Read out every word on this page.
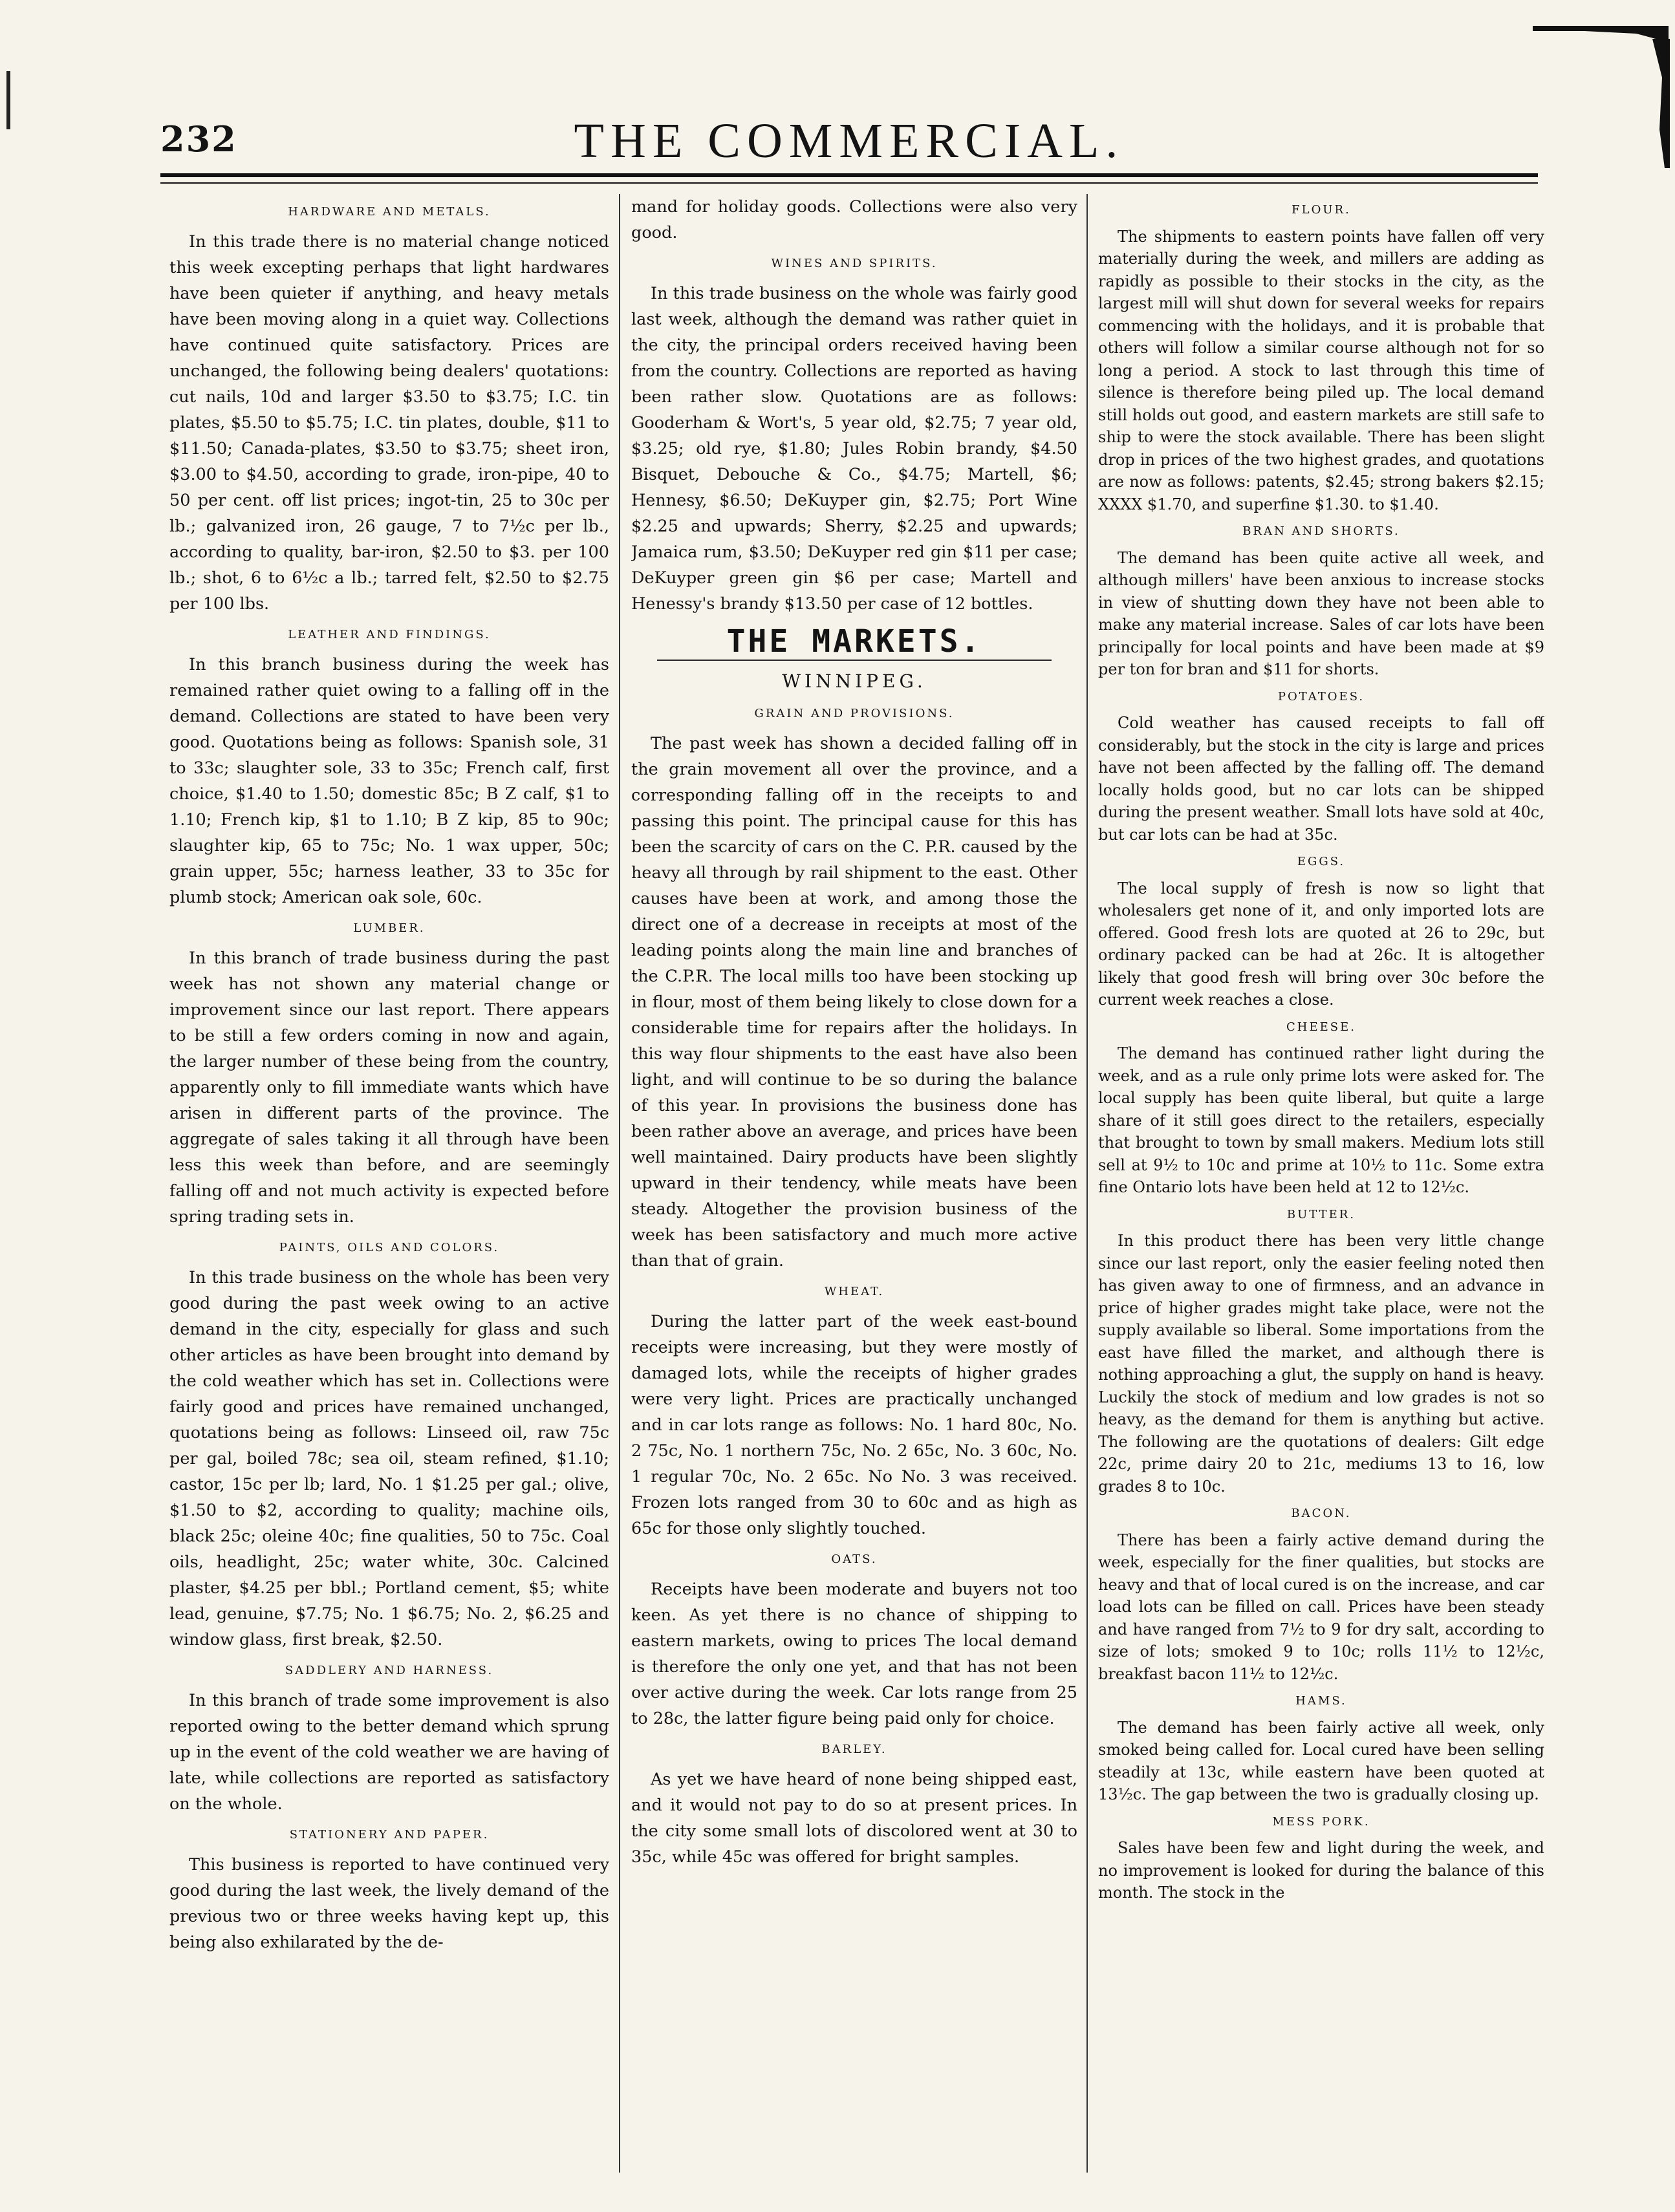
232	THE COMMERCIAL.
HARDWARE AND METALS.

In this trade there is no material change noticed this week excepting perhaps that light hardwares have been quieter if anything, and heavy metals have been moving along in a quiet way. Collections have continued quite satisfactory. Prices are unchanged, the following being dealers' quotations: cut nails, 10d and larger $3.50 to $3.75; I.C. tin plates, $5.50 to $5.75; I.C. tin plates, double, $11 to $11.50; Canada-plates, $3.50 to $3.75; sheet iron, $3.00 to $4.50, according to grade, iron-pipe, 40 to 50 per cent. off list prices; ingot-tin, 25 to 30c per lb.; galvanized iron, 26 gauge, 7 to 7½c per lb., according to quality, bar-iron, $2.50 to $3. per 100 lb.; shot, 6 to 6½c a lb.; tarred felt, $2.50 to $2.75 per 100 lbs.

LEATHER AND FINDINGS.

In this branch business during the week has remained rather quiet owing to a falling off in the demand. Collections are stated to have been very good. Quotations being as follows: Spanish sole, 31 to 33c; slaughter sole, 33 to 35c; French calf, first choice, $1.40 to 1.50; domestic 85c; B Z calf, $1 to 1.10; French kip, $1 to 1.10; B Z kip, 85 to 90c; slaughter kip, 65 to 75c; No. 1 wax upper, 50c; grain upper, 55c; harness leather, 33 to 35c for plumb stock; American oak sole, 60c.

LUMBER.

In this branch of trade business during the past week has not shown any material change or improvement since our last report. There appears to be still a few orders coming in now and again, the larger number of these being from the country, apparently only to fill immediate wants which have arisen in different parts of the province. The aggregate of sales taking it all through have been less this week than before, and are seemingly falling off and not much activity is expected before spring trading sets in.

PAINTS, OILS AND COLORS.

In this trade business on the whole has been very good during the past week owing to an active demand in the city, especially for glass and such other articles as have been brought into demand by the cold weather which has set in. Collections were fairly good and prices have remained unchanged, quotations being as follows: Linseed oil, raw 75c per gal, boiled 78c; sea oil, steam refined, $1.10; castor, 15c per lb; lard, No. 1 $1.25 per gal.; olive, $1.50 to $2, according to quality; machine oils, black 25c; oleine 40c; fine qualities, 50 to 75c. Coal oils, headlight, 25c; water white, 30c. Calcined plaster, $4.25 per bbl.; Portland cement, $5; white lead, genuine, $7.75; No. 1 $6.75; No. 2, $6.25 and window glass, first break, $2.50.

SADDLERY AND HARNESS.

In this branch of trade some improvement is also reported owing to the better demand which sprung up in the event of the cold weather we are having of late, while collections are reported as satisfactory on the whole.

STATIONERY AND PAPER.

This business is reported to have continued very good during the last week, the lively demand of the previous two or three weeks having kept up, this being also exhilarated by the de-

mand for holiday goods. Collections were also very good.

WINES AND SPIRITS.

In this trade business on the whole was fairly good last week, although the demand was rather quiet in the city, the principal orders received having been from the country. Collections are reported as having been rather slow. Quotations are as follows: Gooderham & Wort's, 5 year old, $2.75; 7 year old, $3.25; old rye, $1.80; Jules Robin brandy, $4.50 Bisquet, Debouche & Co., $4.75; Martell, $6; Hennesy, $6.50; DeKuyper gin, $2.75; Port Wine $2.25 and upwards; Sherry, $2.25 and upwards; Jamaica rum, $3.50; DeKuyper red gin $11 per case; DeKuyper green gin $6 per case; Martell and Henessy's brandy $13.50 per case of 12 bottles.

THE MARKETS.
WINNIPEG.
GRAIN AND PROVISIONS.

The past week has shown a decided falling off in the grain movement all over the province, and a corresponding falling off in the receipts to and passing this point. The principal cause for this has been the scarcity of cars on the C. P.R. caused by the heavy all through by rail shipment to the east. Other causes have been at work, and among those the direct one of a decrease in receipts at most of the leading points along the main line and branches of the C.P.R. The local mills too have been stocking up in flour, most of them being likely to close down for a considerable time for repairs after the holidays. In this way flour shipments to the east have also been light, and will continue to be so during the balance of this year. In provisions the business done has been rather above an average, and prices have been well maintained. Dairy products have been slightly upward in their tendency, while meats have been steady. Altogether the provision business of the week has been satisfactory and much more active than that of grain.

WHEAT.

During the latter part of the week east-bound receipts were increasing, but they were mostly of damaged lots, while the receipts of higher grades were very light. Prices are practically unchanged and in car lots range as follows: No. 1 hard 80c, No. 2 75c, No. 1 northern 75c, No. 2 65c, No. 3 60c, No. 1 regular 70c, No. 2 65c. No No. 3 was received. Frozen lots ranged from 30 to 60c and as high as 65c for those only slightly touched.

OATS.

Receipts have been moderate and buyers not too keen. As yet there is no chance of shipping to eastern markets, owing to prices The local demand is therefore the only one yet, and that has not been over active during the week. Car lots range from 25 to 28c, the latter figure being paid only for choice.

BARLEY.

As yet we have heard of none being shipped east, and it would not pay to do so at present prices. In the city some small lots of discolored went at 30 to 35c, while 45c was offered for bright samples.

FLOUR.

The shipments to eastern points have fallen off very materially during the week, and millers are adding as rapidly as possible to their stocks in the city, as the largest mill will shut down for several weeks for repairs commencing with the holidays, and it is probable that others will follow a similar course although not for so long a period. A stock to last through this time of silence is therefore being piled up. The local demand still holds out good, and eastern markets are still safe to ship to were the stock available. There has been slight drop in prices of the two highest grades, and quotations are now as follows: patents, $2.45; strong bakers $2.15; XXXX $1.70, and superfine $1.30. to $1.40.

BRAN AND SHORTS.

The demand has been quite active all week, and although millers' have been anxious to increase stocks in view of shutting down they have not been able to make any material increase. Sales of car lots have been principally for local points and have been made at $9 per ton for bran and $11 for shorts.

POTATOES.

Cold weather has caused receipts to fall off considerably, but the stock in the city is large and prices have not been affected by the falling off. The demand locally holds good, but no car lots can be shipped during the present weather. Small lots have sold at 40c, but car lots can be had at 35c.

EGGS.

The local supply of fresh is now so light that wholesalers get none of it, and only imported lots are offered. Good fresh lots are quoted at 26 to 29c, but ordinary packed can be had at 26c. It is altogether likely that good fresh will bring over 30c before the current week reaches a close.

CHEESE.

The demand has continued rather light during the week, and as a rule only prime lots were asked for. The local supply has been quite liberal, but quite a large share of it still goes direct to the retailers, especially that brought to town by small makers. Medium lots still sell at 9½ to 10c and prime at 10½ to 11c. Some extra fine Ontario lots have been held at 12 to 12½c.

BUTTER.

In this product there has been very little change since our last report, only the easier feeling noted then has given away to one of firmness, and an advance in price of higher grades might take place, were not the supply available so liberal. Some importations from the east have filled the market, and although there is nothing approaching a glut, the supply on hand is heavy. Luckily the stock of medium and low grades is not so heavy, as the demand for them is anything but active. The following are the quotations of dealers: Gilt edge 22c, prime dairy 20 to 21c, mediums 13 to 16, low grades 8 to 10c.

BACON.

There has been a fairly active demand during the week, especially for the finer qualities, but stocks are heavy and that of local cured is on the increase, and car load lots can be filled on call. Prices have been steady and have ranged from 7½ to 9 for dry salt, according to size of lots; smoked 9 to 10c; rolls 11½ to 12½c, breakfast bacon 11½ to 12½c.

HAMS.

The demand has been fairly active all week, only smoked being called for. Local cured have been selling steadily at 13c, while eastern have been quoted at 13½c. The gap between the two is gradually closing up.

MESS PORK.

Sales have been few and light during the week, and no improvement is looked for during the balance of this month. The stock in the
